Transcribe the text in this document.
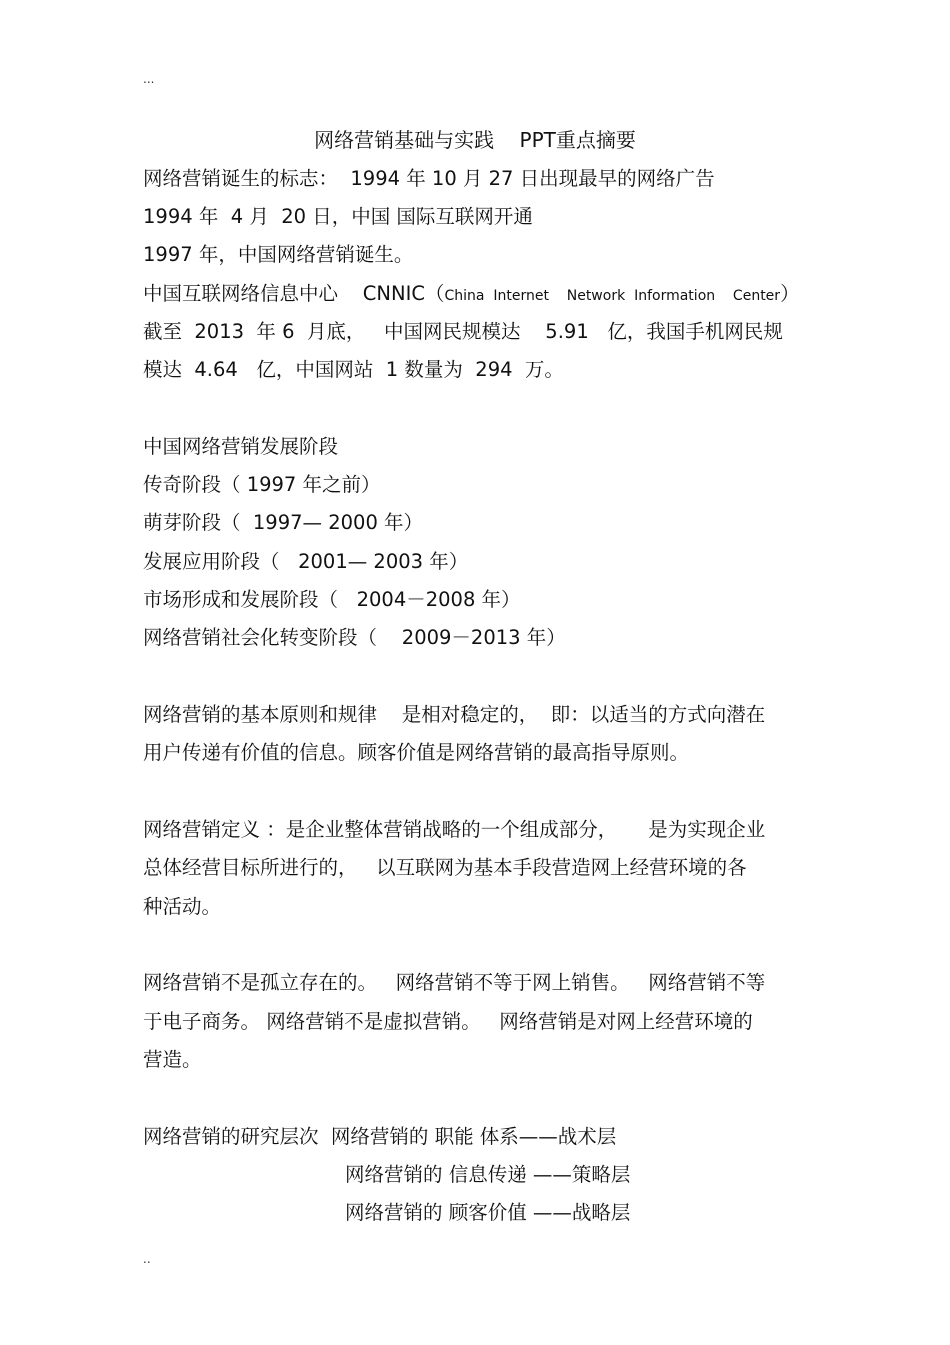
...
网络营销基础与实践    PPT重点摘要
网络营销诞生的标志：  1994 年 10 月 27 日出现最早的网络广告
1994 年  4 月  20 日，中国 国际互联网开通
1997 年，中国网络营销诞生。
中国互联网络信息中心    CNNIC（China  Internet    Network  Information    Center）
截至  2013  年 6  月底，   中国网民规模达    5.91   亿，我国手机网民规
模达  4.64   亿，中国网站  1 数量为  294  万。
中国网络营销发展阶段
传奇阶段（ 1997 年之前）
萌芽阶段（  1997— 2000 年）
发展应用阶段（   2001— 2003 年）
市场形成和发展阶段（   2004－2008 年）
网络营销社会化转变阶段（    2009－2013 年）
网络营销的基本原则和规律    是相对稳定的，  即：以适当的方式向潜在
用户传递有价值的信息。顾客价值是网络营销的最高指导原则。
网络营销定义 ：是企业整体营销战略的一个组成部分，     是为实现企业
总体经营目标所进行的，   以互联网为基本手段营造网上经营环境的各
种活动。
网络营销不是孤立存在的。   网络营销不等于网上销售。   网络营销不等
于电子商务。 网络营销不是虚拟营销。   网络营销是对网上经营环境的
营造。
网络营销的研究层次  网络营销的 职能 体系——战术层
网络营销的 信息传递 ——策略层
网络营销的 顾客价值 ——战略层
..
